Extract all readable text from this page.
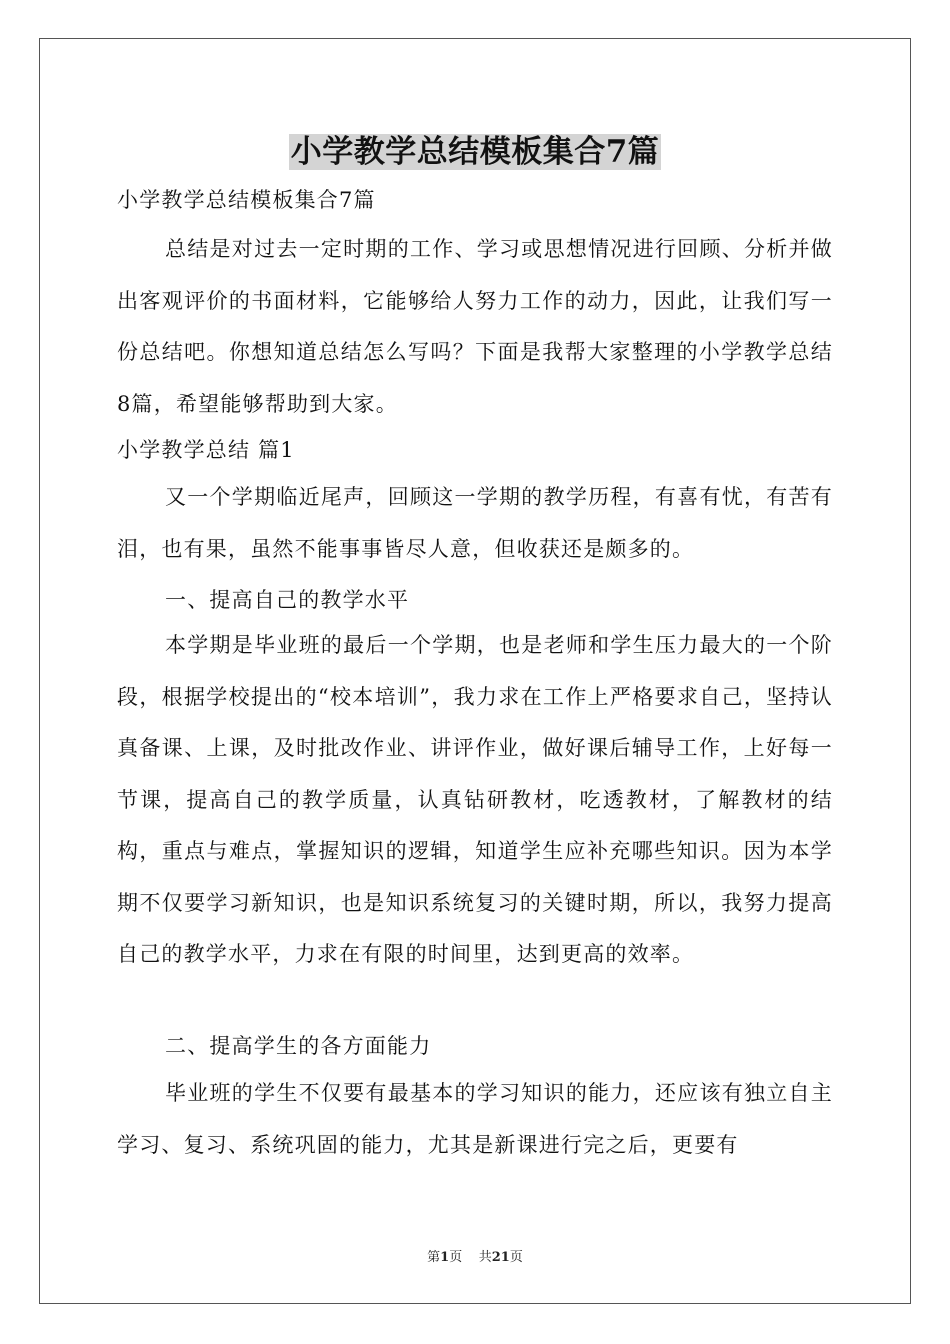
小学教学总结模板集合7篇
小学教学总结模板集合7篇
总结是对过去一定时期的工作、学习或思想情况进行回顾、分析并做出客观评价的书面材料，它能够给人努力工作的动力，因此，让我们写一份总结吧。你想知道总结怎么写吗？下面是我帮大家整理的小学教学总结8篇，希望能够帮助到大家。
小学教学总结 篇1
又一个学期临近尾声，回顾这一学期的教学历程，有喜有忧，有苦有泪，也有果，虽然不能事事皆尽人意，但收获还是颇多的。
一、提高自己的教学水平
本学期是毕业班的最后一个学期，也是老师和学生压力最大的一个阶段，根据学校提出的“校本培训”，我力求在工作上严格要求自己，坚持认真备课、上课，及时批改作业、讲评作业，做好课后辅导工作，上好每一节课，提高自己的教学质量，认真钻研教材，吃透教材，了解教材的结构，重点与难点，掌握知识的逻辑，知道学生应补充哪些知识。因为本学期不仅要学习新知识，也是知识系统复习的关键时期，所以，我努力提高自己的教学水平，力求在有限的时间里，达到更高的效率。
二、提高学生的各方面能力
毕业班的学生不仅要有最基本的学习知识的能力，还应该有独立自主学习、复习、系统巩固的能力，尤其是新课进行完之后，更要有
第1页    共21页
